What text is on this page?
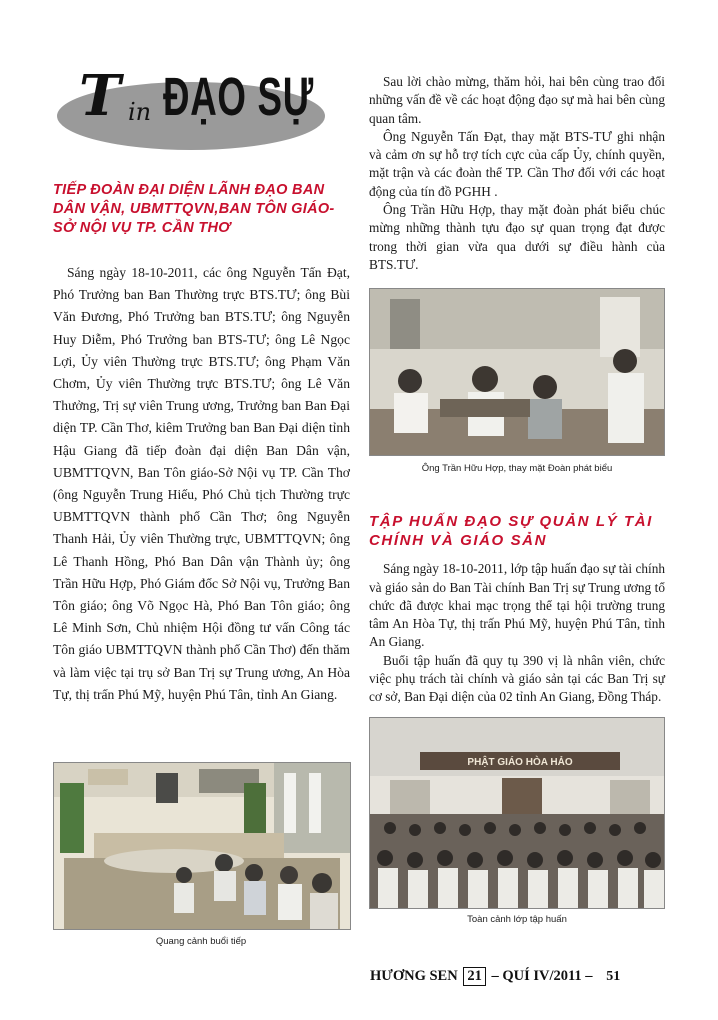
T in ĐẠO SỰ
TIẾP ĐOÀN ĐẠI DIỆN LÃNH ĐẠO BAN DÂN VẬN, UBMTTQVN,BAN TÔN GIÁO-SỞ NỘI VỤ TP. CẦN THƠ

Sáng ngày 18-10-2011, các ông Nguyễn Tấn Đạt, Phó Trưởng ban Ban Thường trực BTS.TƯ; ông Bùi Văn Đương, Phó Trưởng ban BTS.TƯ; ông Nguyễn Huy Diễm, Phó Trưởng ban BTS-TƯ; ông Lê Ngọc Lợi, Ủy viên Thường trực BTS.TƯ; ông Phạm Văn Chơm, Ủy viên Thường trực BTS.TƯ; ông Lê Văn Thưởng, Trị sự viên Trung ương, Trưởng ban Ban Đại diện TP. Cần Thơ, kiêm Trưởng ban Ban Đại diện tỉnh Hậu Giang đã tiếp đoàn đại diện Ban Dân vận, UBMTTQVN, Ban Tôn giáo-Sở Nội vụ TP. Cần Thơ (ông Nguyễn Trung Hiếu, Phó Chủ tịch Thường trực UBMTTQVN thành phố Cần Thơ; ông Nguyễn Thanh Hải, Ủy viên Thường trực, UBMTTQVN; ông Lê Thanh Hồng, Phó Ban Dân vận Thành ủy; ông Trần Hữu Hợp, Phó Giám đốc Sở Nội vụ, Trưởng Ban Tôn giáo; ông Võ Ngọc Hà, Phó Ban Tôn giáo; ông Lê Minh Sơn, Chủ nhiệm Hội đồng tư vấn Công tác Tôn giáo UBMTTQVN thành phố Cần Thơ) đến thăm và làm việc tại trụ sở Ban Trị sự Trung ương, An Hòa Tự, thị trấn Phú Mỹ, huyện Phú Tân, tỉnh An Giang.

Quang cảnh buổi tiếp

Sau lời chào mừng, thăm hỏi, hai bên cùng trao đổi những vấn đề về các hoạt động đạo sự mà hai bên cùng quan tâm.

Ông Nguyễn Tấn Đạt, thay mặt BTS-TƯ ghi nhận và cảm ơn sự hỗ trợ tích cực của cấp Ủy, chính quyền, mặt trận và các đoàn thể TP. Cần Thơ đối với các hoạt động của tín đồ PGHH .

Ông Trần Hữu Hợp, thay mặt đoàn phát biểu chúc mừng những thành tựu đạo sự quan trọng đạt được trong thời gian vừa qua dưới sự điều hành của BTS.TƯ.

Ông Trần Hữu Hợp, thay mặt Đoàn phát biểu
TẬP HUẤN ĐẠO SỰ QUẢN LÝ TÀI CHÍNH VÀ GIÁO SẢN

Sáng ngày 18-10-2011, lớp tập huấn đạo sự tài chính và giáo sản do Ban Tài chính Ban Trị sự Trung ương tổ chức đã được khai mạc trọng thể tại hội trường trung tâm An Hòa Tự, thị trấn Phú Mỹ, huyện Phú Tân, tỉnh An Giang.

Buổi tập huấn đã quy tụ 390 vị là nhân viên, chức việc phụ trách tài chính và giáo sản tại các Ban Trị sự cơ sở, Ban Đại diện của 02 tỉnh An Giang, Đồng Tháp.

PHẬT GIÁO HÒA HẢO
Toàn cảnh lớp tập huấn
HƯƠNG SEN 21 – QUÍ IV/2011 – 51
